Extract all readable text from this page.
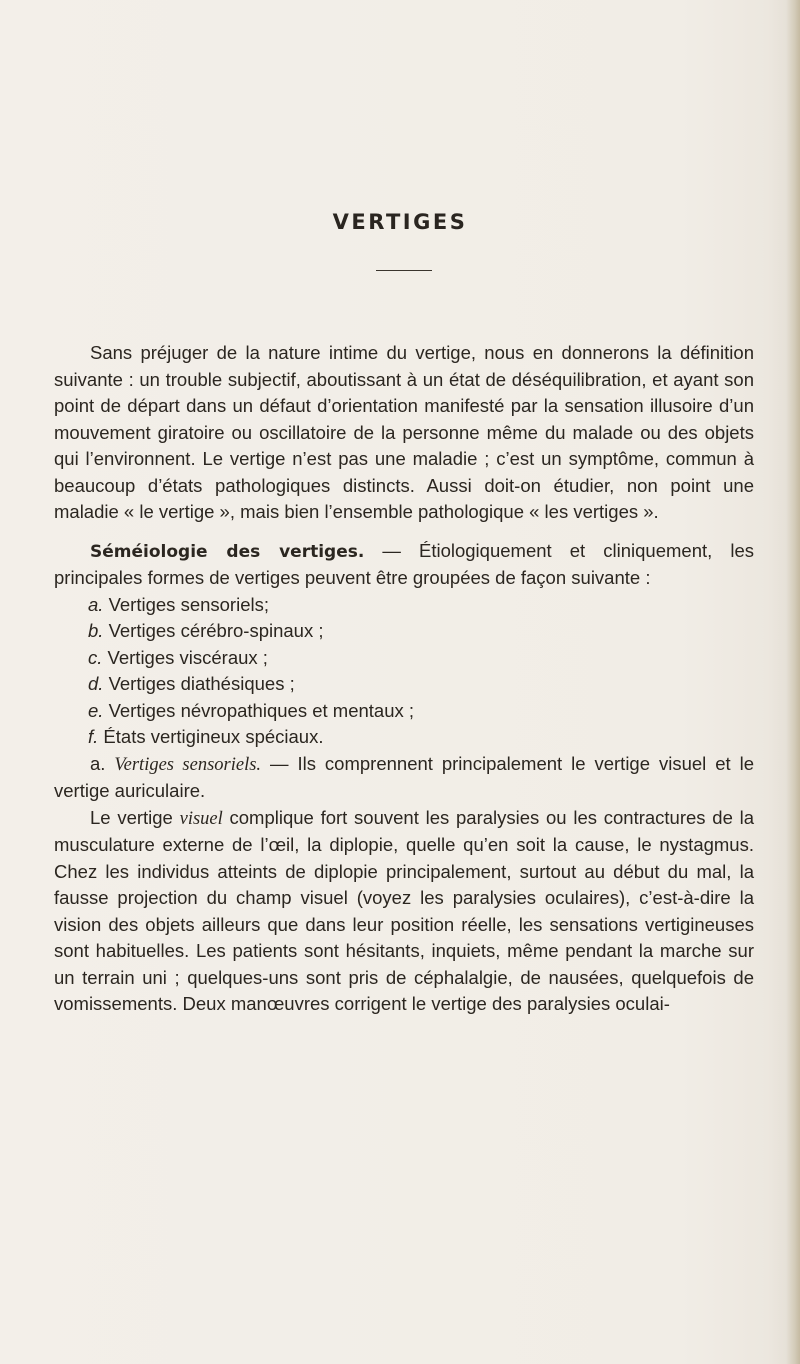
VERTIGES

Sans préjuger de la nature intime du vertige, nous en donnerons la définition suivante : un trouble subjectif, aboutissant à un état de déséquilibration, et ayant son point de départ dans un défaut d’orientation manifesté par la sensation illusoire d’un mouvement giratoire ou oscillatoire de la personne même du malade ou des objets qui l’environnent. Le vertige n’est pas une maladie ; c’est un symptôme, commun à beaucoup d’états pathologiques distincts. Aussi doit-on étudier, non point une maladie « le vertige », mais bien l’ensemble pathologique « les vertiges ».

Séméiologie des vertiges. — Étiologiquement et cliniquement, les principales formes de vertiges peuvent être groupées de façon suivante :

a. Vertiges sensoriels;

b. Vertiges cérébro-spinaux ;

c. Vertiges viscéraux ;

d. Vertiges diathésiques ;

e. Vertiges névropathiques et mentaux ;

f. États vertigineux spéciaux.

a. Vertiges sensoriels. — Ils comprennent principalement le vertige visuel et le vertige auriculaire.

Le vertige visuel complique fort souvent les paralysies ou les contractures de la musculature externe de l’œil, la diplopie, quelle qu’en soit la cause, le nystagmus. Chez les individus atteints de diplopie principalement, surtout au début du mal, la fausse projection du champ visuel (voyez les paralysies oculaires), c’est-à-dire la vision des objets ailleurs que dans leur position réelle, les sensations vertigineuses sont habituelles. Les patients sont hésitants, inquiets, même pendant la marche sur un terrain uni ; quelques-uns sont pris de céphalalgie, de nausées, quelquefois de vomissements. Deux manœuvres corrigent le vertige des paralysies oculai-
